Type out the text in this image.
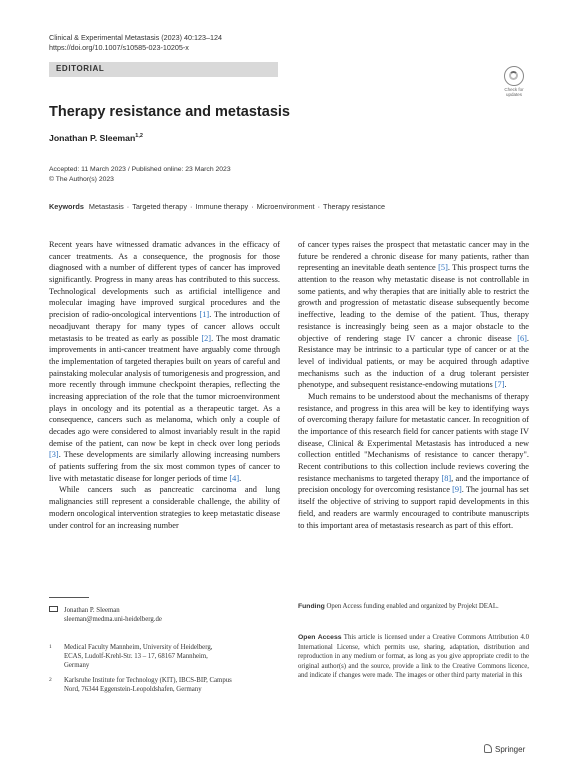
Clinical & Experimental Metastasis (2023) 40:123–124
https://doi.org/10.1007/s10585-023-10205-x
EDITORIAL
Check for
updates
Therapy resistance and metastasis
Jonathan P. Sleeman$^{1,2}$
Accepted: 11 March 2023 / Published online: 23 March 2023
© The Author(s) 2023
Keywords Metastasis · Targeted therapy · Immune therapy · Microenvironment · Therapy resistance

Recent years have witnessed dramatic advances in the efficacy of cancer treatments. As a consequence, the prognosis for those diagnosed with a number of different types of cancer has improved significantly. Progress in many areas has contributed to this success. Technological developments such as artificial intelligence and molecular imaging have improved surgical procedures and the precision of radio-oncological interventions [1]. The introduction of neoadjuvant therapy for many types of cancer allows occult metastasis to be treated as early as possible [2]. The most dramatic improvements in anti-cancer treatment have arguably come through the implementation of targeted therapies built on years of careful and painstaking molecular analysis of tumorigenesis and progression, and more recently through immune checkpoint therapies, reflecting the increasing appreciation of the role that the tumor microenvironment plays in oncology and its potential as a therapeutic target. As a consequence, cancers such as melanoma, which only a couple of decades ago were considered to almost invariably result in the rapid demise of the patient, can now be kept in check over long periods [3]. These developments are similarly allowing increasing numbers of patients suffering from the six most common types of cancer to live with metastatic disease for longer periods of time [4].

While cancers such as pancreatic carcinoma and lung malignancies still represent a considerable challenge, the ability of modern oncological intervention strategies to keep metastatic disease under control for an increasing number

of cancer types raises the prospect that metastatic cancer may in the future be rendered a chronic disease for many patients, rather than representing an inevitable death sentence [5]. This prospect turns the attention to the reason why metastatic disease is not controllable in some patients, and why therapies that are initially able to restrict the growth and progression of metastatic disease subsequently become ineffective, leading to the demise of the patient. Thus, therapy resistance is increasingly being seen as a major obstacle to the objective of rendering stage IV cancer a chronic disease [6]. Resistance may be intrinsic to a particular type of cancer or at the level of individual patients, or may be acquired through adaptive mechanisms such as the induction of a drug tolerant persister phenotype, and subsequent resistance-endowing mutations [7].

Much remains to be understood about the mechanisms of therapy resistance, and progress in this area will be key to identifying ways of overcoming therapy failure for metastatic cancer. In recognition of the importance of this research field for cancer patients with stage IV disease, Clinical & Experimental Metastasis has introduced a new collection entitled "Mechanisms of resistance to cancer therapy". Recent contributions to this collection include reviews covering the resistance mechanisms to targeted therapy [8], and the importance of precision oncology for overcoming resistance [9]. The journal has set itself the objective of striving to support rapid developments in this field, and readers are warmly encouraged to contribute manuscripts to this important area of metastasis research as part of this effort.

Jonathan P. Sleeman
sleeman@medma.uni-heidelberg.de
1 Medical Faculty Mannheim, University of Heidelberg,
ECAS, Ludolf-Krehl-Str. 13 – 17, 68167 Mannheim,
Germany
2 Karlsruhe Institute for Technology (KIT), IBCS-BIP, Campus
Nord, 76344 Eggenstein-Leopoldshafen, Germany
Funding Open Access funding enabled and organized by Projekt DEAL.
Open Access This article is licensed under a Creative Commons Attribution 4.0 International License, which permits use, sharing, adaptation, distribution and reproduction in any medium or format, as long as you give appropriate credit to the original author(s) and the source, provide a link to the Creative Commons licence, and indicate if changes were made. The images or other third party material in this
Springer
